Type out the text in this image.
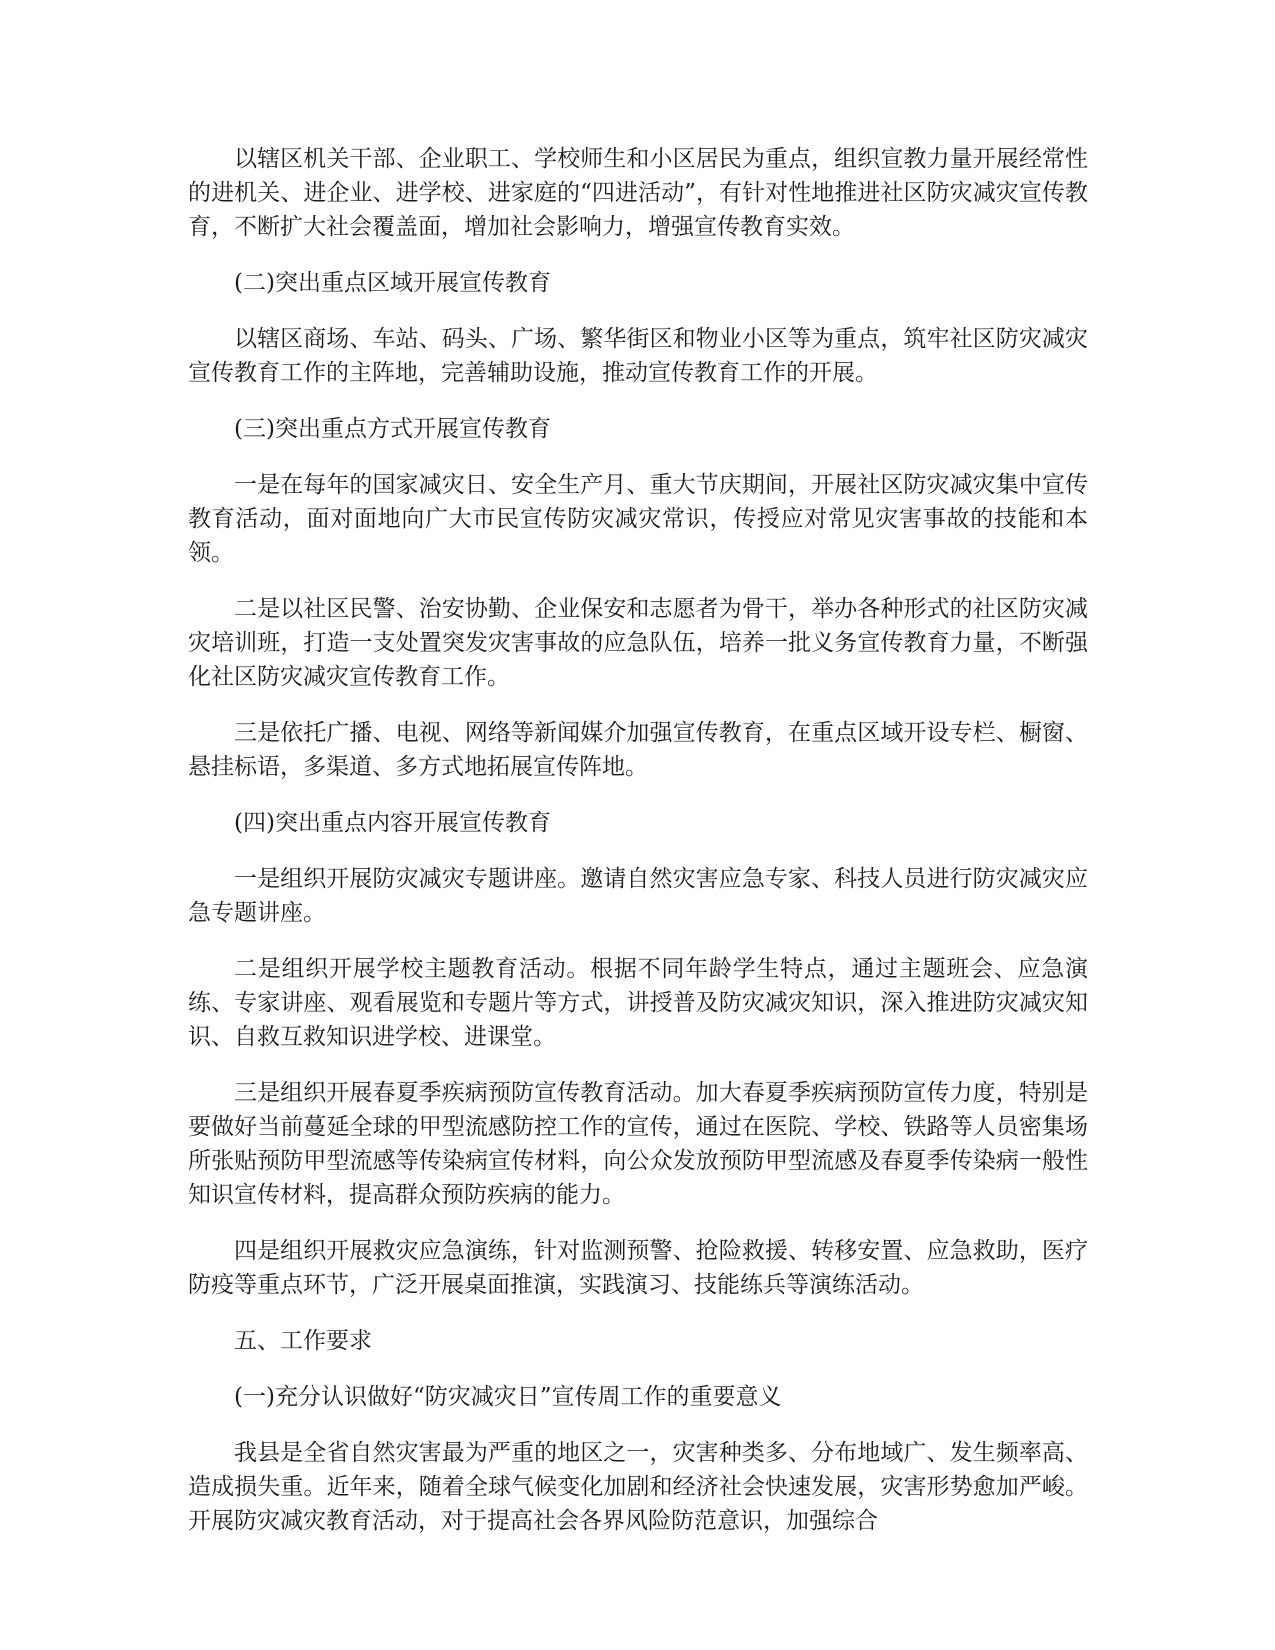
以辖区机关干部、企业职工、学校师生和小区居民为重点，组织宣教力量开展经常性的进机关、进企业、进学校、进家庭的“四进活动”，有针对性地推进社区防灾减灾宣传教育，不断扩大社会覆盖面，增加社会影响力，增强宣传教育实效。

(二)突出重点区域开展宣传教育

以辖区商场、车站、码头、广场、繁华街区和物业小区等为重点，筑牢社区防灾减灾宣传教育工作的主阵地，完善辅助设施，推动宣传教育工作的开展。

(三)突出重点方式开展宣传教育

一是在每年的国家减灾日、安全生产月、重大节庆期间，开展社区防灾减灾集中宣传教育活动，面对面地向广大市民宣传防灾减灾常识，传授应对常见灾害事故的技能和本领。

二是以社区民警、治安协勤、企业保安和志愿者为骨干，举办各种形式的社区防灾减灾培训班，打造一支处置突发灾害事故的应急队伍，培养一批义务宣传教育力量，不断强化社区防灾减灾宣传教育工作。

三是依托广播、电视、网络等新闻媒介加强宣传教育，在重点区域开设专栏、橱窗、悬挂标语，多渠道、多方式地拓展宣传阵地。

(四)突出重点内容开展宣传教育

一是组织开展防灾减灾专题讲座。邀请自然灾害应急专家、科技人员进行防灾减灾应急专题讲座。

二是组织开展学校主题教育活动。根据不同年龄学生特点，通过主题班会、应急演练、专家讲座、观看展览和专题片等方式，讲授普及防灾减灾知识，深入推进防灾减灾知识、自救互救知识进学校、进课堂。

三是组织开展春夏季疾病预防宣传教育活动。加大春夏季疾病预防宣传力度，特别是要做好当前蔓延全球的甲型流感防控工作的宣传，通过在医院、学校、铁路等人员密集场所张贴预防甲型流感等传染病宣传材料，向公众发放预防甲型流感及春夏季传染病一般性知识宣传材料，提高群众预防疾病的能力。

四是组织开展救灾应急演练，针对监测预警、抢险救援、转移安置、应急救助，医疗防疫等重点环节，广泛开展桌面推演，实践演习、技能练兵等演练活动。

五、工作要求

(一)充分认识做好“防灾减灾日”宣传周工作的重要意义

我县是全省自然灾害最为严重的地区之一，灾害种类多、分布地域广、发生频率高、造成损失重。近年来，随着全球气候变化加剧和经济社会快速发展，灾害形势愈加严峻。开展防灾减灾教育活动，对于提高社会各界风险防范意识，加强综合
